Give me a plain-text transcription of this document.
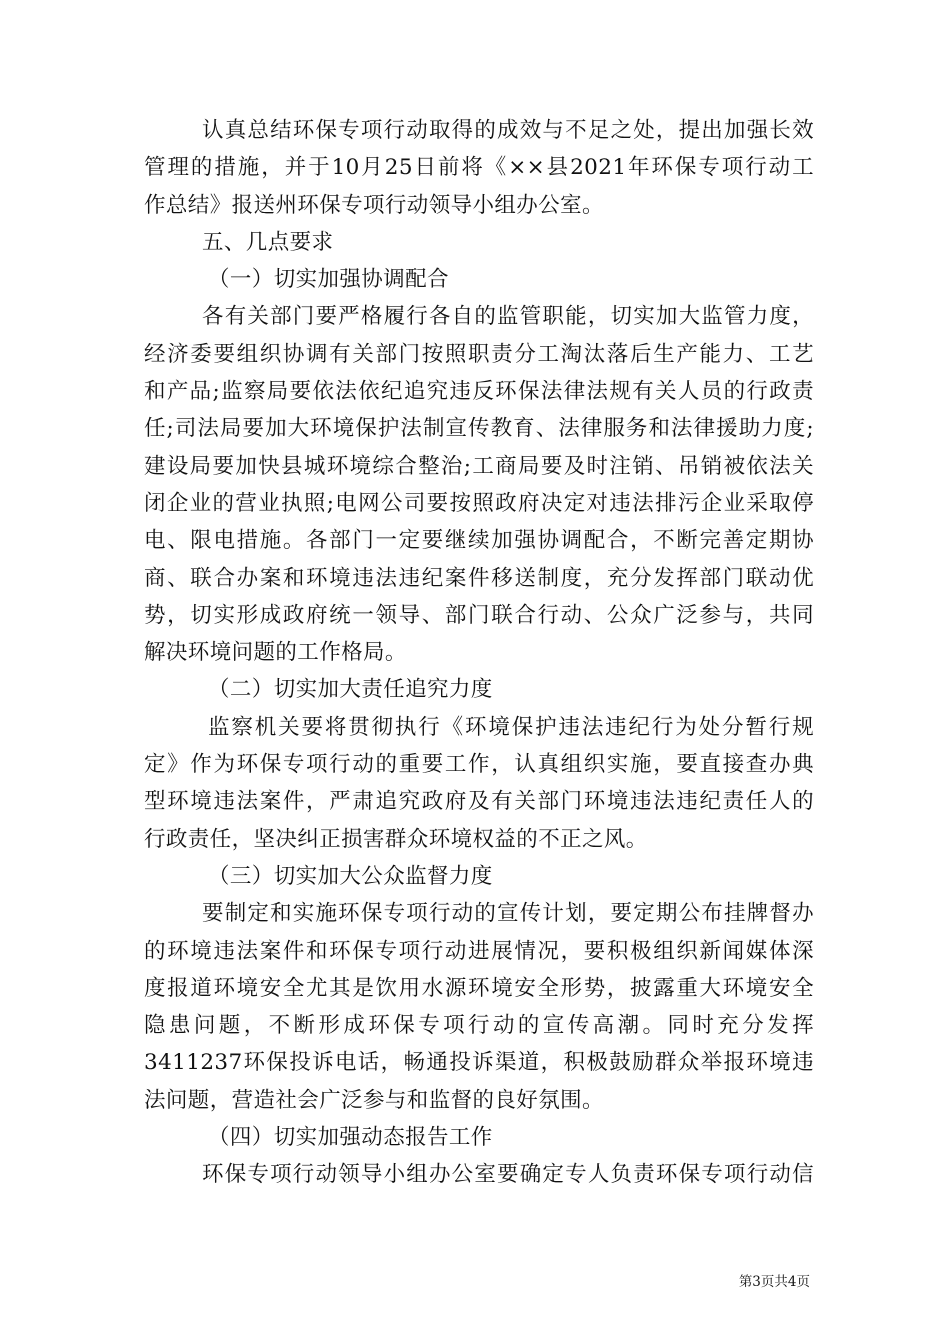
认真总结环保专项行动取得的成效与不足之处，提出加强长效
管理的措施，并于10月25日前将《××县2021年环保专项行动工
作总结》报送州环保专项行动领导小组办公室。
五、几点要求
（一）切实加强协调配合
各有关部门要严格履行各自的监管职能，切实加大监管力度，
经济委要组织协调有关部门按照职责分工淘汰落后生产能力、工艺
和产品;监察局要依法依纪追究违反环保法律法规有关人员的行政责
任;司法局要加大环境保护法制宣传教育、法律服务和法律援助力度;
建设局要加快县城环境综合整治;工商局要及时注销、吊销被依法关
闭企业的营业执照;电网公司要按照政府决定对违法排污企业采取停
电、限电措施。各部门一定要继续加强协调配合，不断完善定期协
商、联合办案和环境违法违纪案件移送制度，充分发挥部门联动优
势，切实形成政府统一领导、部门联合行动、公众广泛参与，共同
解决环境问题的工作格局。
（二）切实加大责任追究力度
监察机关要将贯彻执行《环境保护违法违纪行为处分暂行规
定》作为环保专项行动的重要工作，认真组织实施，要直接查办典
型环境违法案件，严肃追究政府及有关部门环境违法违纪责任人的
行政责任，坚决纠正损害群众环境权益的不正之风。
（三）切实加大公众监督力度
要制定和实施环保专项行动的宣传计划，要定期公布挂牌督办
的环境违法案件和环保专项行动进展情况，要积极组织新闻媒体深
度报道环境安全尤其是饮用水源环境安全形势，披露重大环境安全
隐患问题，不断形成环保专项行动的宣传高潮。同时充分发挥
3411237环保投诉电话，畅通投诉渠道，积极鼓励群众举报环境违
法问题，营造社会广泛参与和监督的良好氛围。
（四）切实加强动态报告工作
环保专项行动领导小组办公室要确定专人负责环保专项行动信
第3页共4页
